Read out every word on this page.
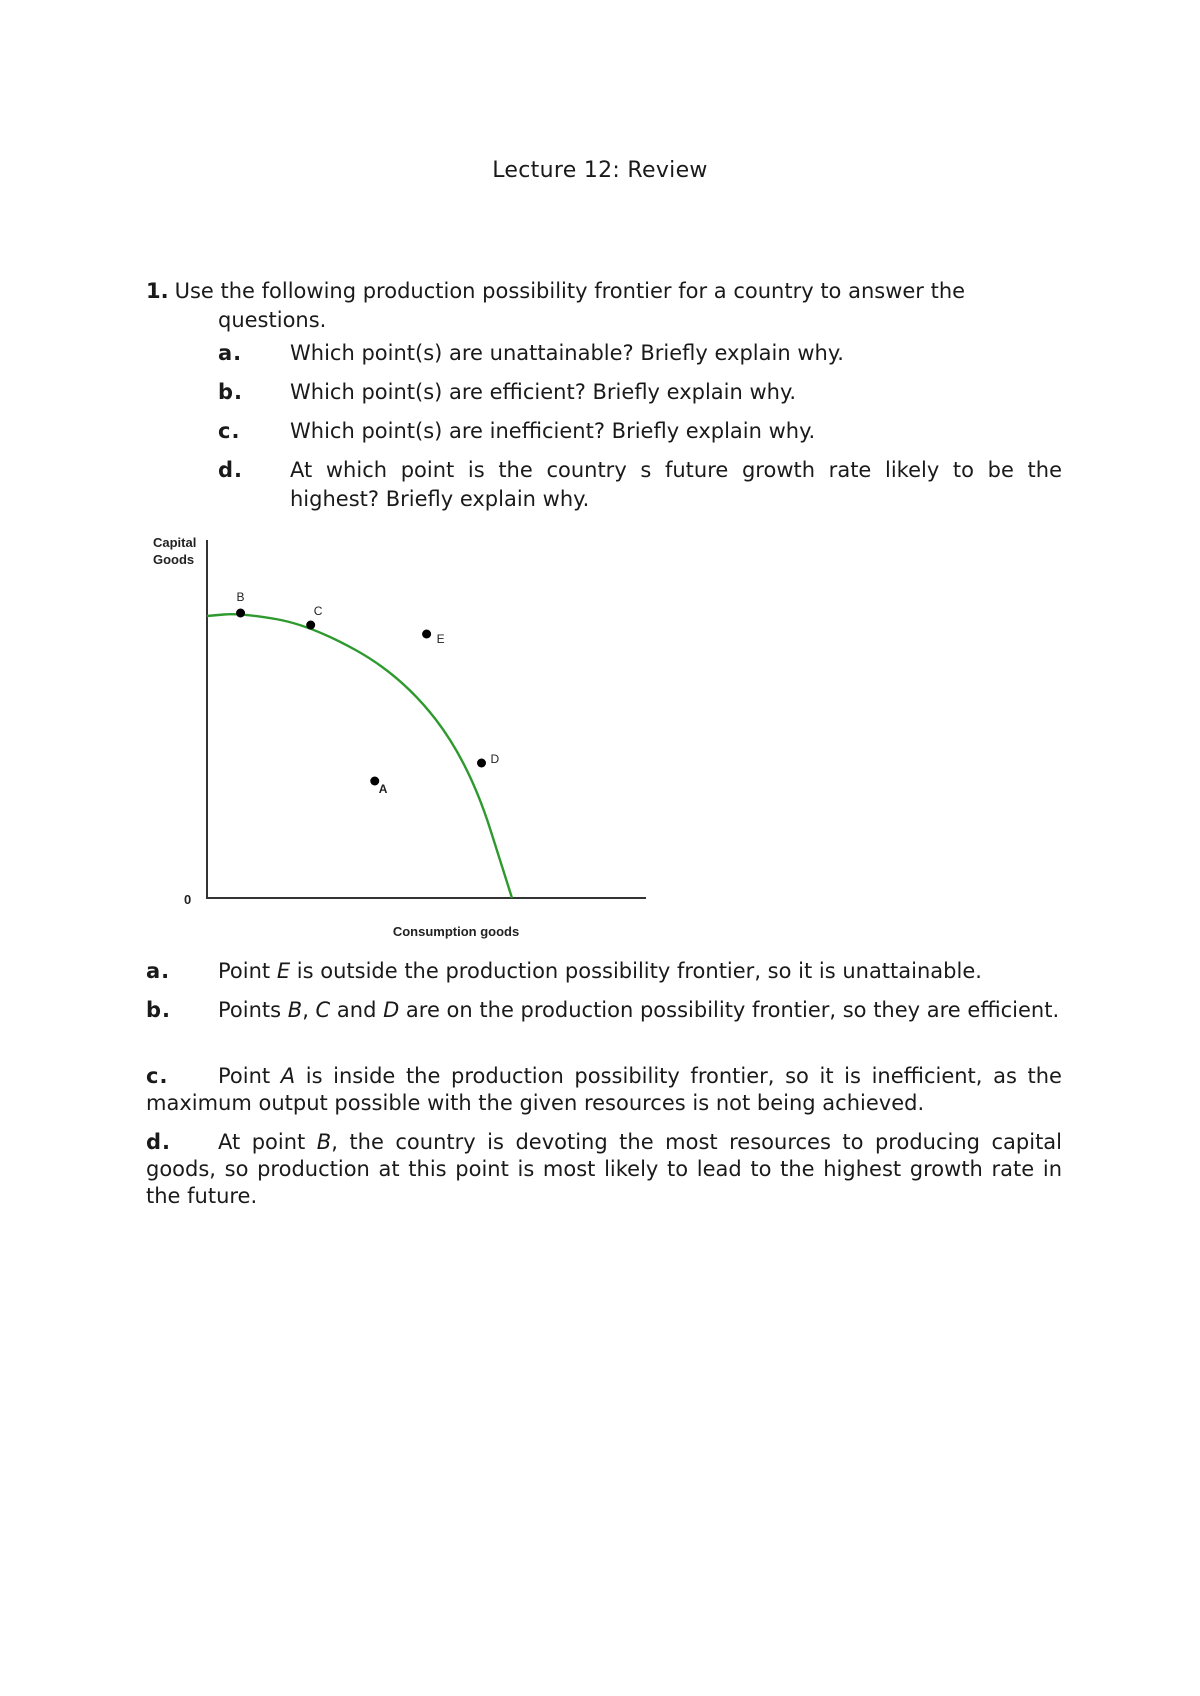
Lecture 12: Review
1. Use the following production possibility frontier for a country to answer the
questions.
a. Which point(s) are unattainable? Briefly explain why.
b. Which point(s) are efficient? Briefly explain why.
c. Which point(s) are inefficient? Briefly explain why.
d. At which point is the country s future growth rate likely to be the highest? Briefly explain why.
Capital
Goods
0
Consumption goods
A
B
C
D
E
a. Point E is outside the production possibility frontier, so it is unattainable.
b. Points B, C and D are on the production possibility frontier, so they are efficient.
c. Point A is inside the production possibility frontier, so it is inefficient, as the maximum output possible with the given resources is not being achieved.
d. At point B, the country is devoting the most resources to producing capital goods, so production at this point is most likely to lead to the highest growth rate in the future.
